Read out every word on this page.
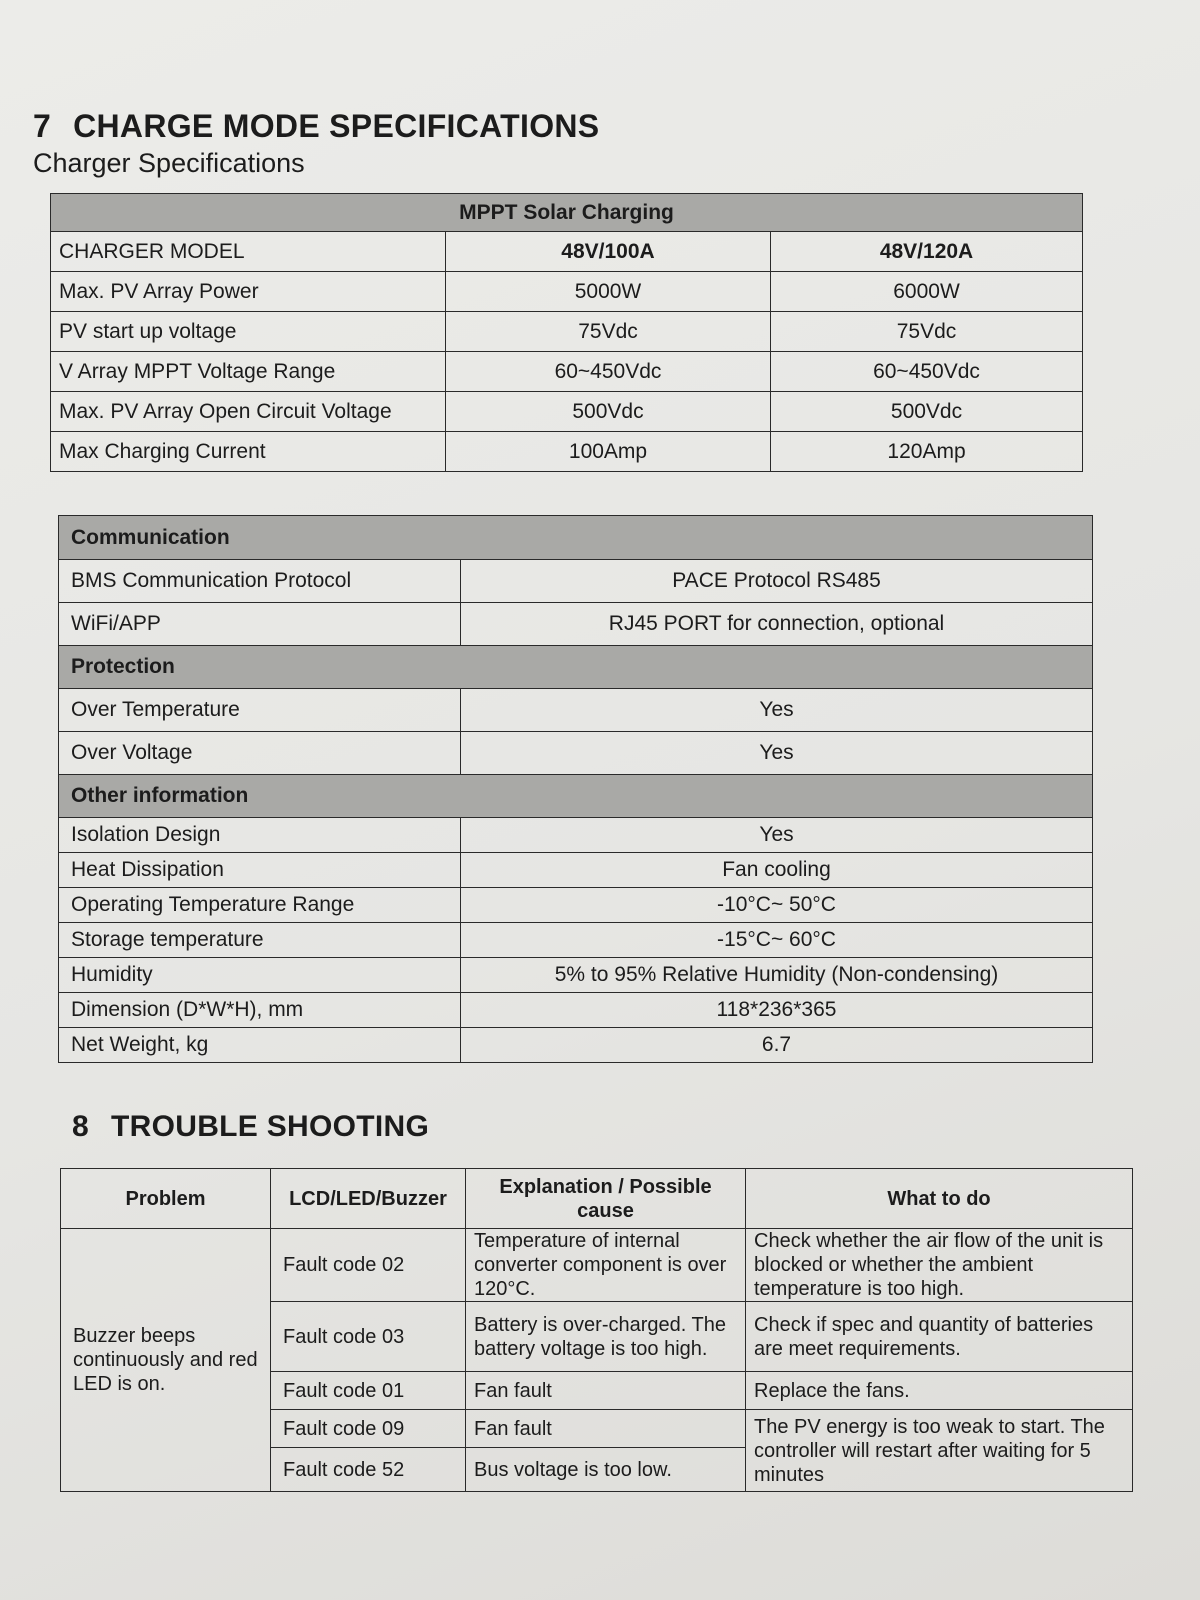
7 CHARGE MODE SPECIFICATIONS
Charger Specifications
MPPT Solar Charging		
CHARGER MODEL	48V/100A	48V/120A
Max. PV Array Power	5000W	6000W
PV start up voltage	75Vdc	75Vdc
V Array MPPT Voltage Range	60~450Vdc	60~450Vdc
Max. PV Array Open Circuit Voltage	500Vdc	500Vdc
Max Charging Current	100Amp	120Amp
Communication	
BMS Communication Protocol	PACE Protocol RS485
WiFi/APP	RJ45 PORT for connection, optional
Protection	
Over Temperature	Yes
Over Voltage	Yes
Other information	
Isolation Design	Yes
Heat Dissipation	Fan cooling
Operating Temperature Range	-10°C~ 50°C
Storage temperature	-15°C~ 60°C
Humidity	5% to 95% Relative Humidity (Non-condensing)
Dimension (D*W*H), mm	118*236*365
Net Weight, kg	6.7
8 TROUBLE SHOOTING
Problem	LCD/LED/Buzzer	Explanation / Possible cause	What to do
Buzzer beeps continuously and red LED is on.	Fault code 02	Temperature of internal converter component is over 120°C.	Check whether the air flow of the unit is blocked or whether the ambient temperature is too high.
	Fault code 03	Battery is over-charged. The battery voltage is too high.	Check if spec and quantity of batteries are meet requirements.
	Fault code 01	Fan fault	Replace the fans.
	Fault code 09	Fan fault	The PV energy is too weak to start. The controller will restart after waiting for 5 minutes
	Fault code 52	Bus voltage is too low.	
